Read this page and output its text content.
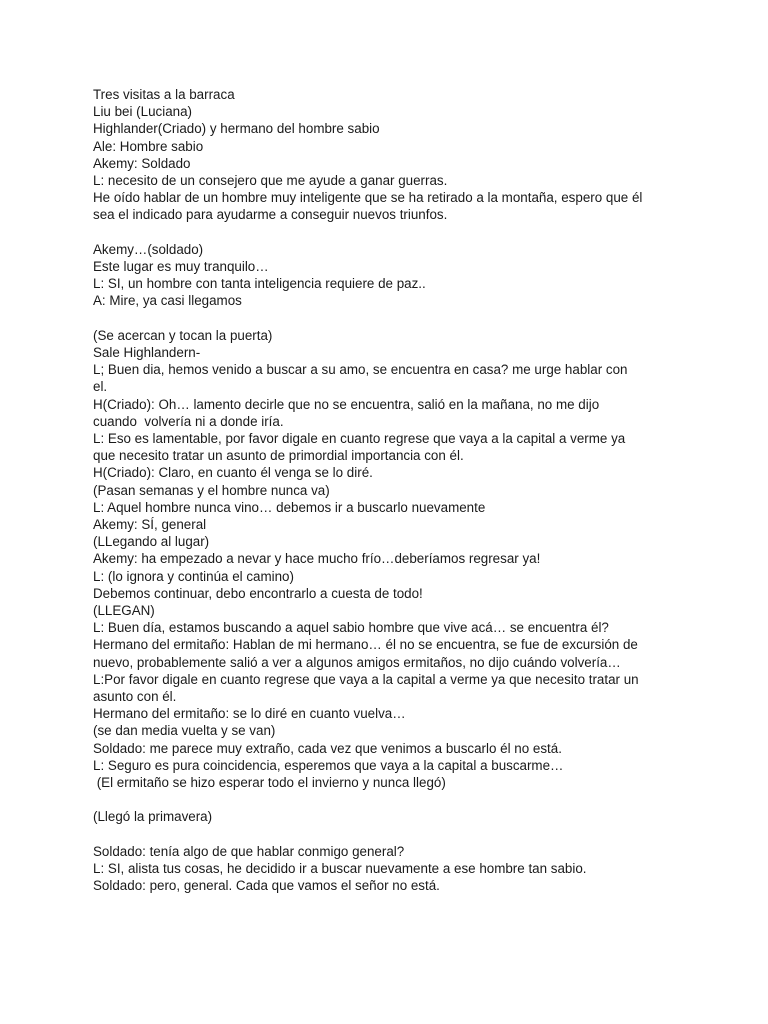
Tres visitas a la barraca
Liu bei (Luciana)
Highlander(Criado) y hermano del hombre sabio
Ale: Hombre sabio
Akemy: Soldado
L: necesito de un consejero que me ayude a ganar guerras.
He oído hablar de un hombre muy inteligente que se ha retirado a la montaña, espero que él
sea el indicado para ayudarme a conseguir nuevos triunfos.
Akemy…(soldado)
Este lugar es muy tranquilo…
L: SI, un hombre con tanta inteligencia requiere de paz..
A: Mire, ya casi llegamos
(Se acercan y tocan la puerta)
Sale Highlandern-
L; Buen dia, hemos venido a buscar a su amo, se encuentra en casa? me urge hablar con
el.
H(Criado): Oh… lamento decirle que no se encuentra, salió en la mañana, no me dijo
cuando  volvería ni a donde iría.
L: Eso es lamentable, por favor digale en cuanto regrese que vaya a la capital a verme ya
que necesito tratar un asunto de primordial importancia con él.
H(Criado): Claro, en cuanto él venga se lo diré.
(Pasan semanas y el hombre nunca va)
L: Aquel hombre nunca vino… debemos ir a buscarlo nuevamente
Akemy: SÍ, general
(LLegando al lugar)
Akemy: ha empezado a nevar y hace mucho frío…deberíamos regresar ya!
L: (lo ignora y continúa el camino)
Debemos continuar, debo encontrarlo a cuesta de todo!
(LLEGAN)
L: Buen día, estamos buscando a aquel sabio hombre que vive acá… se encuentra él?
Hermano del ermitaño: Hablan de mi hermano… él no se encuentra, se fue de excursión de
nuevo, probablemente salió a ver a algunos amigos ermitaños, no dijo cuándo volvería…
L:Por favor digale en cuanto regrese que vaya a la capital a verme ya que necesito tratar un
asunto con él.
Hermano del ermitaño: se lo diré en cuanto vuelva…
(se dan media vuelta y se van)
Soldado: me parece muy extraño, cada vez que venimos a buscarlo él no está.
L: Seguro es pura coincidencia, esperemos que vaya a la capital a buscarme…
(El ermitaño se hizo esperar todo el invierno y nunca llegó)
(Llegó la primavera)
Soldado: tenía algo de que hablar conmigo general?
L: SI, alista tus cosas, he decidido ir a buscar nuevamente a ese hombre tan sabio.
Soldado: pero, general. Cada que vamos el señor no está.
